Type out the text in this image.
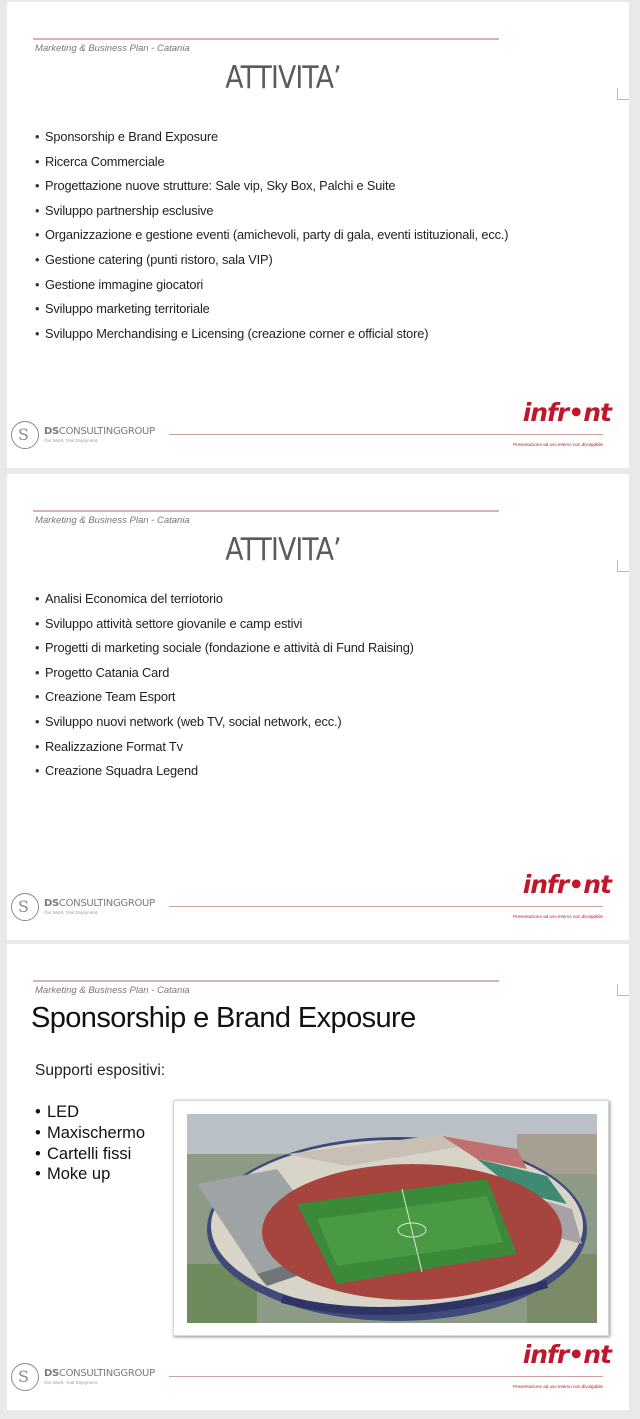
Marketing & Business Plan - Catania
ATTIVITA’
• Sponsorship e Brand Exposure
• Ricerca Commerciale
• Progettazione nuove strutture: Sale vip, Sky Box, Palchi e Suite
• Sviluppo partnership esclusive
• Organizzazione e gestione eventi (amichevoli, party di gala, eventi istituzionali, ecc.)
• Gestione catering (punti ristoro, sala VIP)
• Gestione immagine giocatori
• Sviluppo marketing territoriale
• Sviluppo Merchandising e Licensing (creazione corner e official store)
S DSCONSULTINGGROUP
Our Work, Your Enjoyment
infr•nt
Presentazione ad uso interno non divulgabile
Marketing & Business Plan - Catania
ATTIVITA’
• Analisi Economica del terriotorio
• Sviluppo attività settore giovanile e camp estivi
• Progetti di marketing sociale (fondazione e attività di Fund Raising)
• Progetto Catania Card
• Creazione Team Esport
• Sviluppo nuovi network (web TV, social network, ecc.)
• Realizzazione Format Tv
• Creazione Squadra Legend
S DSCONSULTINGGROUP
Our Work, Your Enjoyment
infr•nt
Presentazione ad uso interno non divulgabile
Marketing & Business Plan - Catania
Sponsorship e Brand Exposure
Supporti espositivi:
• LED
• Maxischermo
• Cartelli fissi
• Moke up
S DSCONSULTINGGROUP
Our Work, Your Enjoyment
infr•nt
Presentazione ad uso interno non divulgabile
